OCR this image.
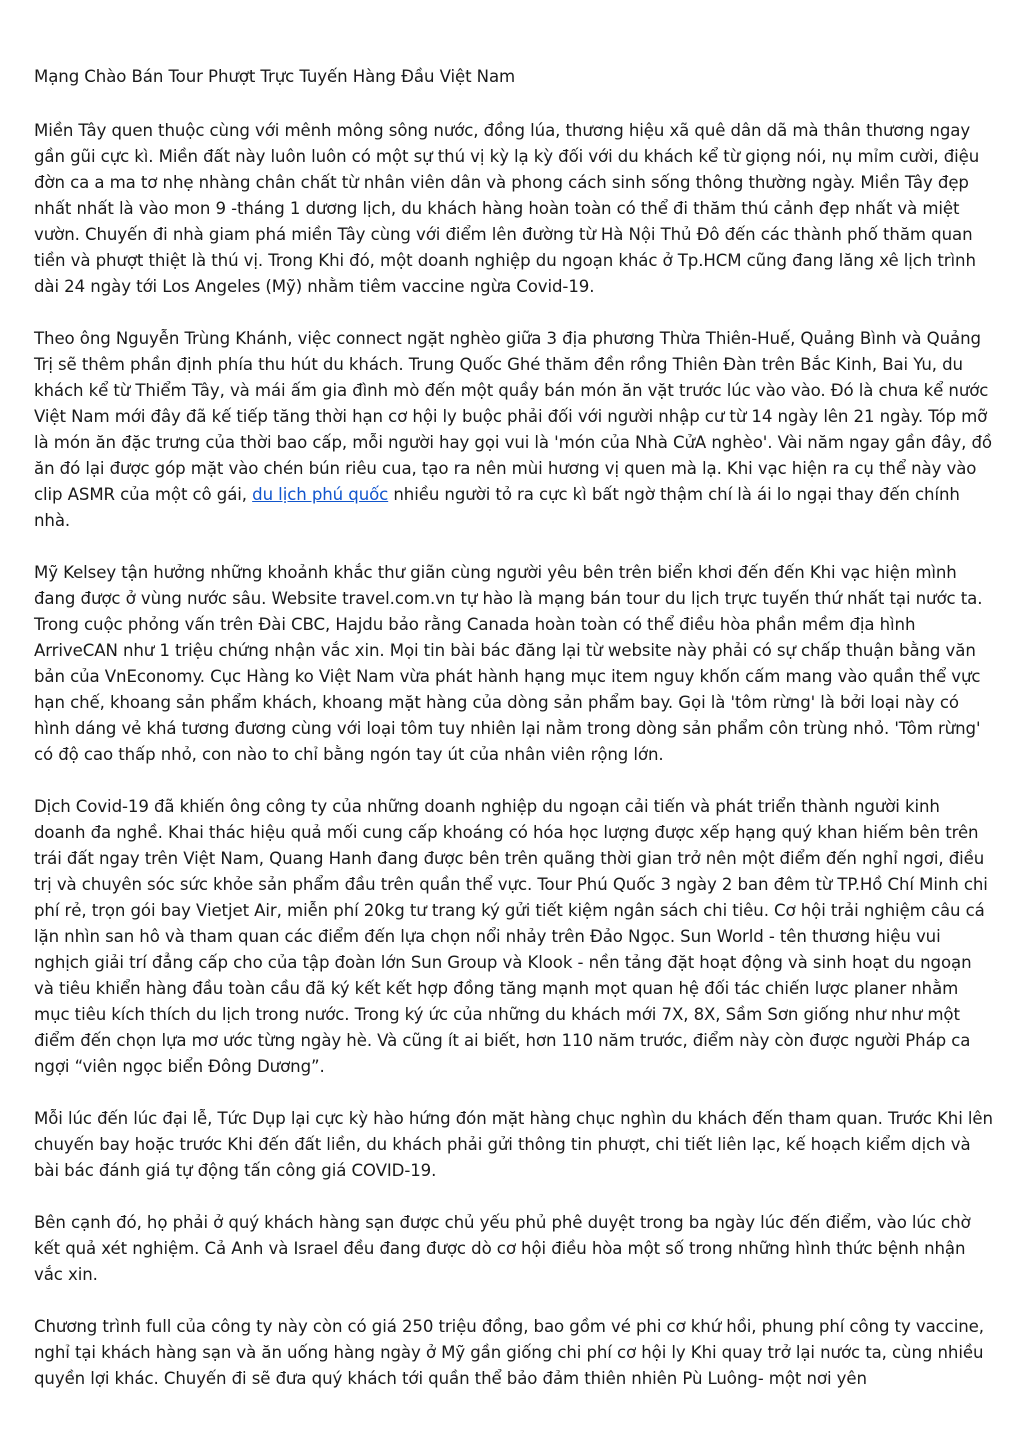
Mạng Chào Bán Tour Phượt Trực Tuyến Hàng Đầu Việt Nam

Miền Tây quen thuộc cùng với mênh mông sông nước, đồng lúa, thương hiệu xã quê dân dã mà thân thương ngay gần gũi cực kì. Miền đất này luôn luôn có một sự thú vị kỳ lạ kỳ đối với du khách kể từ giọng nói, nụ mỉm cười, điệu đờn ca a ma tơ nhẹ nhàng chân chất từ nhân viên dân và phong cách sinh sống thông thường ngày. Miền Tây đẹp nhất nhất là vào mon 9 -tháng 1 dương lịch, du khách hàng hoàn toàn có thể đi thăm thú cảnh đẹp nhất và miệt vườn. Chuyến đi nhà giam phá miền Tây cùng với điểm lên đường từ Hà Nội Thủ Đô đến các thành phố thăm quan tiền và phượt thiệt là thú vị. Trong Khi đó, một doanh nghiệp du ngoạn khác ở Tp.HCM cũng đang lăng xê lịch trình dài 24 ngày tới Los Angeles (Mỹ) nhằm tiêm vaccine ngừa Covid-19.

Theo ông Nguyễn Trùng Khánh, việc connect ngặt nghèo giữa 3 địa phương Thừa Thiên-Huế, Quảng Bình và Quảng Trị sẽ thêm phần định phía thu hút du khách. Trung Quốc Ghé thăm đền rồng Thiên Đàn trên Bắc Kinh, Bai Yu, du khách kể từ Thiểm Tây, và mái ấm gia đình mò đến một quầy bán món ăn vặt trước lúc vào vào. Đó là chưa kể nước Việt Nam mới đây đã kế tiếp tăng thời hạn cơ hội ly buộc phải đối với người nhập cư từ 14 ngày lên 21 ngày. Tóp mỡ là món ăn đặc trưng của thời bao cấp, mỗi người hay gọi vui là 'món của Nhà CửA nghèo'. Vài năm ngay gần đây, đồ ăn đó lại được góp mặt vào chén bún riêu cua, tạo ra nên mùi hương vị quen mà lạ. Khi vạc hiện ra cụ thể này vào clip ASMR của một cô gái, du lịch phú quốc nhiều người tỏ ra cực kì bất ngờ thậm chí là ái lo ngại thay đến chính nhà.

Mỹ Kelsey tận hưởng những khoảnh khắc thư giãn cùng người yêu bên trên biển khơi đến đến Khi vạc hiện mình đang được ở vùng nước sâu. Website travel.com.vn tự hào là mạng bán tour du lịch trực tuyến thứ nhất tại nước ta. Trong cuộc phỏng vấn trên Đài CBC, Hajdu bảo rằng Canada hoàn toàn có thể điều hòa phần mềm địa hình ArriveCAN như 1 triệu chứng nhận vắc xin. Mọi tin bài bác đăng lại từ website này phải có sự chấp thuận bằng văn bản của VnEconomy. Cục Hàng ko Việt Nam vừa phát hành hạng mục item nguy khốn cấm mang vào quần thể vực hạn chế, khoang sản phẩm khách, khoang mặt hàng của dòng sản phẩm bay. Gọi là 'tôm rừng' là bởi loại này có hình dáng vẻ khá tương đương cùng với loại tôm tuy nhiên lại nằm trong dòng sản phẩm côn trùng nhỏ. 'Tôm rừng' có độ cao thấp nhỏ, con nào to chỉ bằng ngón tay út của nhân viên rộng lớn.

Dịch Covid-19 đã khiến ông công ty của những doanh nghiệp du ngoạn cải tiến và phát triển thành người kinh doanh đa nghề. Khai thác hiệu quả mối cung cấp khoáng có hóa học lượng được xếp hạng quý khan hiếm bên trên trái đất ngay trên Việt Nam, Quang Hanh đang được bên trên quãng thời gian trở nên một điểm đến nghỉ ngơi, điều trị và chuyên sóc sức khỏe sản phẩm đầu trên quần thể vực. Tour Phú Quốc 3 ngày 2 ban đêm từ TP.Hồ Chí Minh chi phí rẻ, trọn gói bay Vietjet Air, miễn phí 20kg tư trang ký gửi tiết kiệm ngân sách chi tiêu. Cơ hội trải nghiệm câu cá lặn nhìn san hô và tham quan các điểm đến lựa chọn nổi nhảy trên Đảo Ngọc. Sun World - tên thương hiệu vui nghịch giải trí đẳng cấp cho của tập đoàn lớn Sun Group và Klook - nền tảng đặt hoạt động và sinh hoạt du ngoạn và tiêu khiển hàng đầu toàn cầu đã ký kết kết hợp đồng tăng mạnh mọt quan hệ đối tác chiến lược planer nhằm mục tiêu kích thích du lịch trong nước. Trong ký ức của những du khách mới 7X, 8X, Sầm Sơn giống như như một điểm đến chọn lựa mơ ước từng ngày hè. Và cũng ít ai biết, hơn 110 năm trước, điểm này còn được người Pháp ca ngợi “viên ngọc biển Đông Dương”.

Mỗi lúc đến lúc đại lễ, Tức Dụp lại cực kỳ hào hứng đón mặt hàng chục nghìn du khách đến tham quan. Trước Khi lên chuyến bay hoặc trước Khi đến đất liền, du khách phải gửi thông tin phượt, chi tiết liên lạc, kế hoạch kiểm dịch và bài bác đánh giá tự động tấn công giá COVID-19.

Bên cạnh đó, họ phải ở quý khách hàng sạn được chủ yếu phủ phê duyệt trong ba ngày lúc đến điểm, vào lúc chờ kết quả xét nghiệm. Cả Anh và Israel đều đang được dò cơ hội điều hòa một số trong những hình thức bệnh nhận vắc xin.

Chương trình full của công ty này còn có giá 250 triệu đồng, bao gồm vé phi cơ khứ hồi, phung phí công ty vaccine, nghỉ tại khách hàng sạn và ăn uống hàng ngày ở Mỹ gần giống chi phí cơ hội ly Khi quay trở lại nước ta, cùng nhiều quyền lợi khác. Chuyến đi sẽ đưa quý khách tới quần thể bảo đảm thiên nhiên Pù Luông- một nơi yên
